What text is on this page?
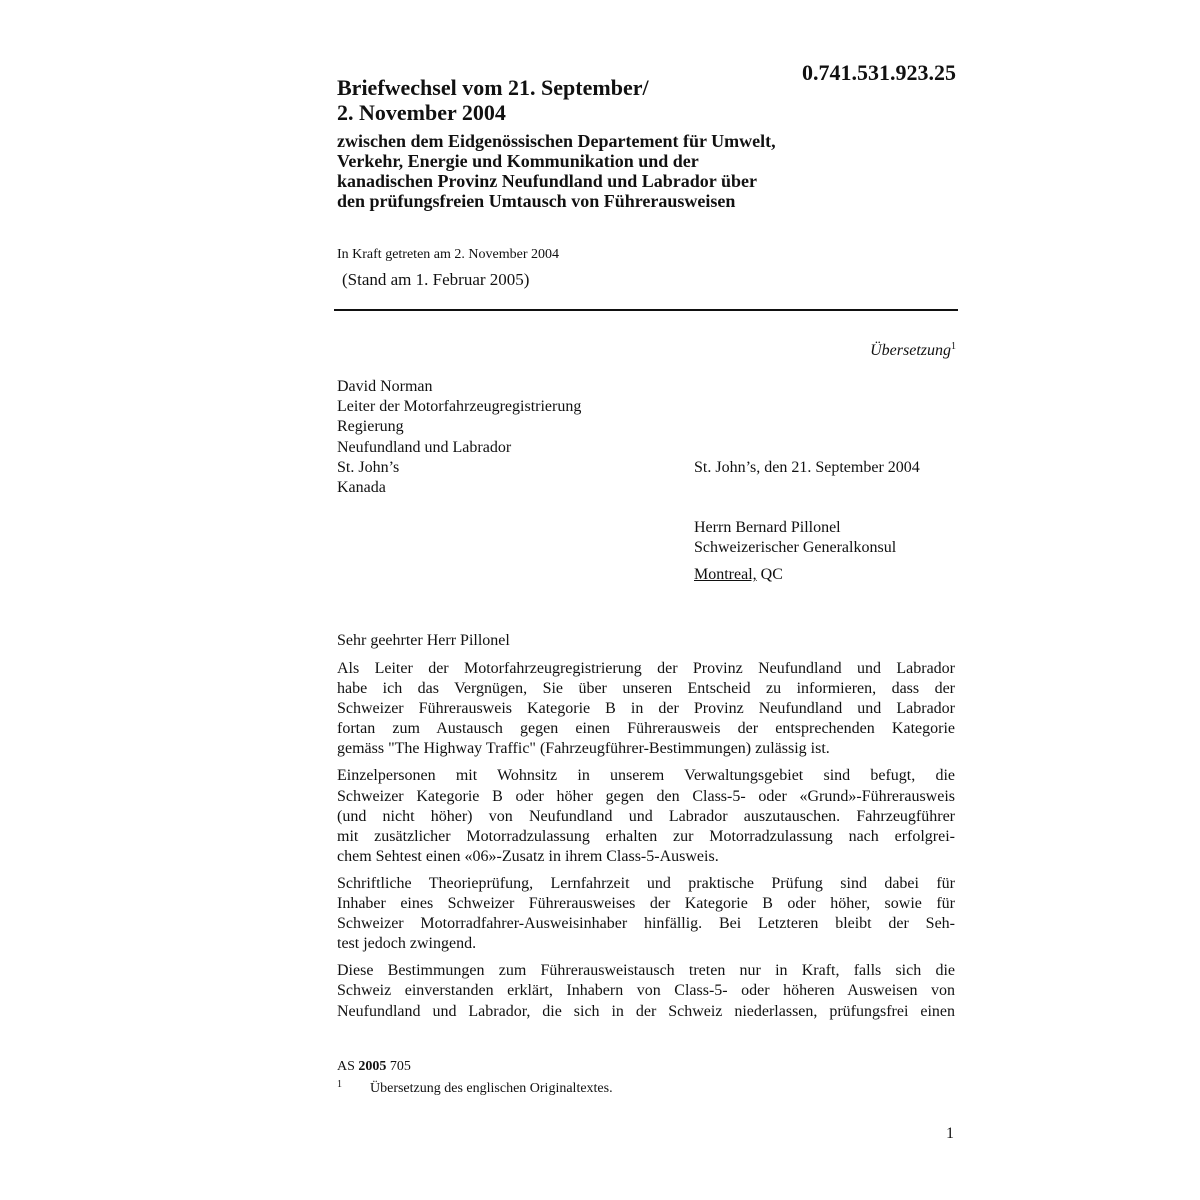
0.741.531.923.25
Briefwechsel vom 21. September/
2. November 2004
zwischen dem Eidgenössischen Departement für Umwelt,
Verkehr, Energie und Kommunikation und der
kanadischen Provinz Neufundland und Labrador über
den prüfungsfreien Umtausch von Führerausweisen
In Kraft getreten am 2. November 2004
(Stand am 1. Februar 2005)
Übersetzung$^1$
David Norman
Leiter der Motorfahrzeugregistrierung
Regierung
Neufundland und Labrador
St. John’s
Kanada
St. John’s, den 21. September 2004
Herrn Bernard Pillonel
Schweizerischer Generalkonsul
Montreal, QC
Sehr geehrter Herr Pillonel

Als Leiter der Motorfahrzeugregistrierung der Provinz Neufundland und Labrador
habe ich das Vergnügen, Sie über unseren Entscheid zu informieren, dass der
Schweizer Führerausweis Kategorie B in der Provinz Neufundland und Labrador
fortan zum Austausch gegen einen Führerausweis der entsprechenden Kategorie
gemäss "The Highway Traffic" (Fahrzeugführer-Bestimmungen) zulässig ist.

Einzelpersonen mit Wohnsitz in unserem Verwaltungsgebiet sind befugt, die
Schweizer Kategorie B oder höher gegen den Class-5- oder «Grund»-Führerausweis
(und nicht höher) von Neufundland und Labrador auszutauschen. Fahrzeugführer
mit zusätzlicher Motorradzulassung erhalten zur Motorradzulassung nach erfolgrei-
chem Sehtest einen «06»-Zusatz in ihrem Class-5-Ausweis.

Schriftliche Theorieprüfung, Lernfahrzeit und praktische Prüfung sind dabei für
Inhaber eines Schweizer Führerausweises der Kategorie B oder höher, sowie für
Schweizer Motorradfahrer-Ausweisinhaber hinfällig. Bei Letzteren bleibt der Seh-
test jedoch zwingend.

Diese Bestimmungen zum Führerausweistausch treten nur in Kraft, falls sich die
Schweiz einverstanden erklärt, Inhabern von Class-5- oder höheren Ausweisen von
Neufundland und Labrador, die sich in der Schweiz niederlassen, prüfungsfrei einen

AS 2005 705
1 Übersetzung des englischen Originaltextes.
1
